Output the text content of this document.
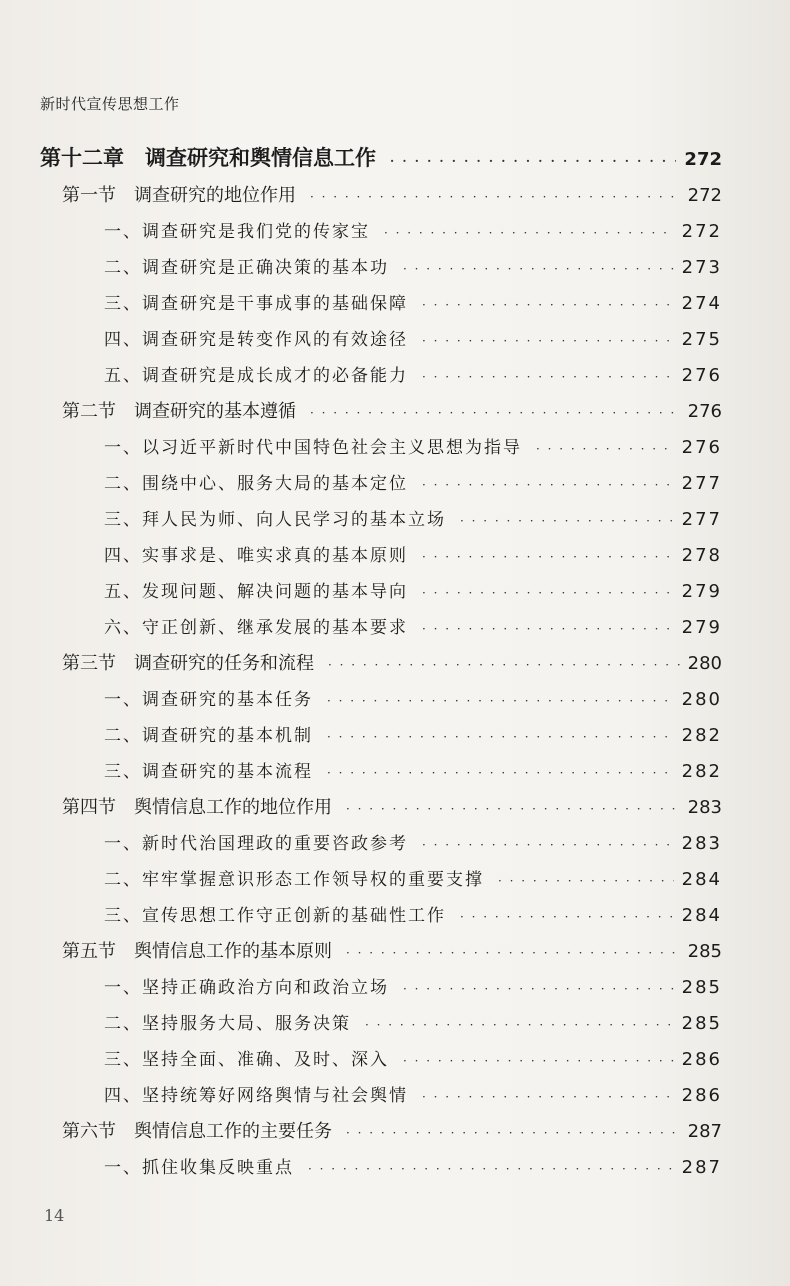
新时代宣传思想工作
第十二章　调查研究和舆情信息工作 · · ·	272
第一节　调查研究的地位作用 · · ·	272
一、调查研究是我们党的传家宝 · · ·	272
二、调查研究是正确决策的基本功 · · ·	273
三、调查研究是干事成事的基础保障 · · ·	274
四、调查研究是转变作风的有效途径 · · ·	275
五、调查研究是成长成才的必备能力 · · ·	276
第二节　调查研究的基本遵循 · · ·	276
一、以习近平新时代中国特色社会主义思想为指导 · · ·	276
二、围绕中心、服务大局的基本定位 · · ·	277
三、拜人民为师、向人民学习的基本立场 · · ·	277
四、实事求是、唯实求真的基本原则 · · ·	278
五、发现问题、解决问题的基本导向 · · ·	279
六、守正创新、继承发展的基本要求 · · ·	279
第三节　调查研究的任务和流程 · · ·	280
一、调查研究的基本任务 · · ·	280
二、调查研究的基本机制 · · ·	282
三、调查研究的基本流程 · · ·	282
第四节　舆情信息工作的地位作用 · · ·	283
一、新时代治国理政的重要咨政参考 · · ·	283
二、牢牢掌握意识形态工作领导权的重要支撑 · · ·	284
三、宣传思想工作守正创新的基础性工作 · · ·	284
第五节　舆情信息工作的基本原则 · · ·	285
一、坚持正确政治方向和政治立场 · · ·	285
二、坚持服务大局、服务决策 · · ·	285
三、坚持全面、准确、及时、深入 · · ·	286
四、坚持统筹好网络舆情与社会舆情 · · ·	286
第六节　舆情信息工作的主要任务 · · ·	287
一、抓住收集反映重点 · · ·	287
14
